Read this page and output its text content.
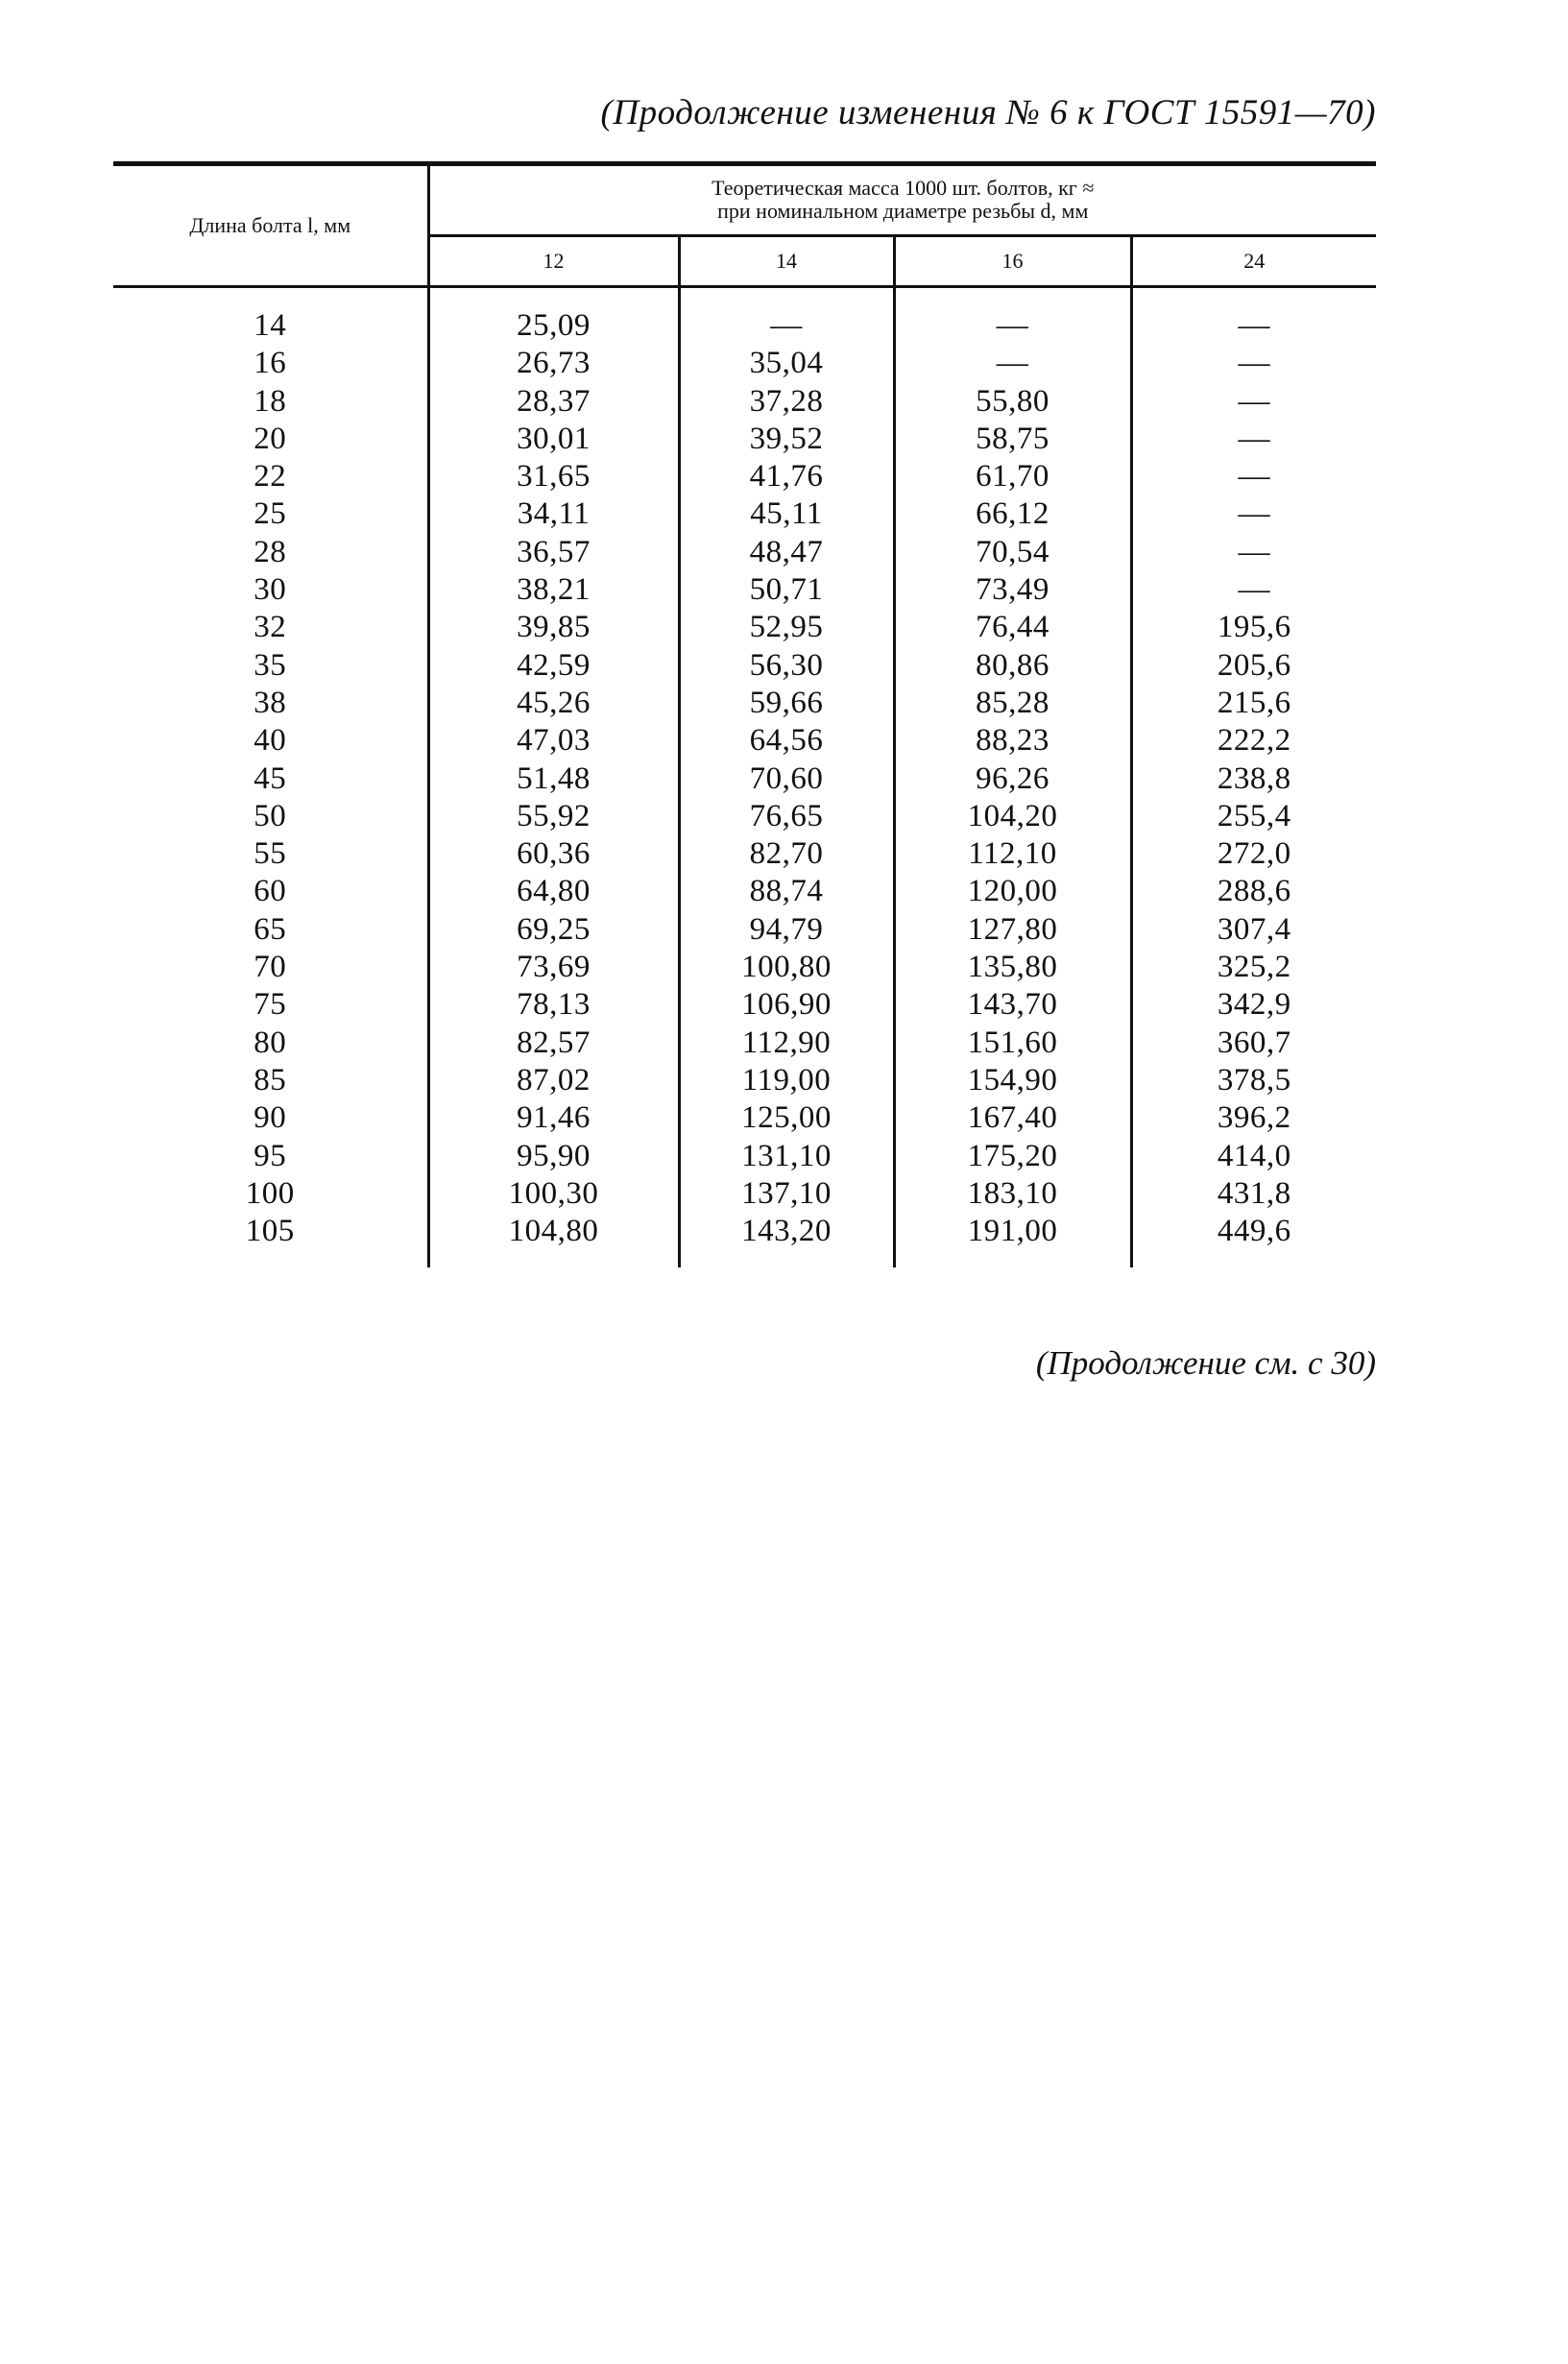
(Продолжение изменения № 6 к ГОСТ 15591—70)
Длина болта l, мм	Теоретическая масса 1000 шт. болтов, кг ≈
при номинальном диаметре резьбы d, мм			

	12	14	16	24
14	25,09	—	—	—
16	26,73	35,04	—	—
18	28,37	37,28	55,80	—
20	30,01	39,52	58,75	—
22	31,65	41,76	61,70	—
25	34,11	45,11	66,12	—
28	36,57	48,47	70,54	—
30	38,21	50,71	73,49	—
32	39,85	52,95	76,44	195,6
35	42,59	56,30	80,86	205,6
38	45,26	59,66	85,28	215,6
40	47,03	64,56	88,23	222,2
45	51,48	70,60	96,26	238,8
50	55,92	76,65	104,20	255,4
55	60,36	82,70	112,10	272,0
60	64,80	88,74	120,00	288,6
65	69,25	94,79	127,80	307,4
70	73,69	100,80	135,80	325,2
75	78,13	106,90	143,70	342,9
80	82,57	112,90	151,60	360,7
85	87,02	119,00	154,90	378,5
90	91,46	125,00	167,40	396,2
95	95,90	131,10	175,20	414,0
100	100,30	137,10	183,10	431,8
105	104,80	143,20	191,00	449,6
(Продолжение см. с 30)
